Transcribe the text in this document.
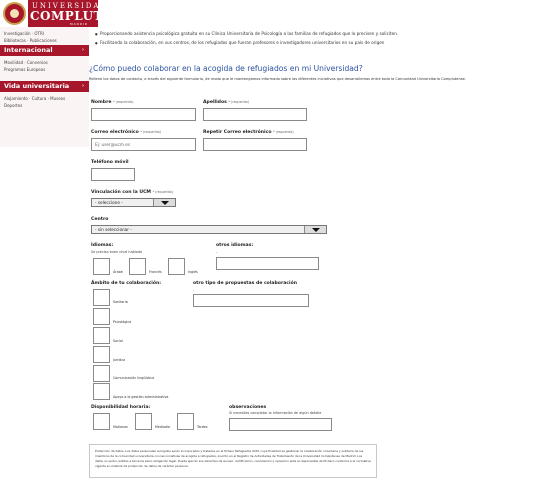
UNIVERSIDAD
COMPLUTENSE
MADRID
Investigación · OTRI
Bibliotecas · Publicaciones
Internacional	›
Movilidad · Convenios
Programas Europeos
Vida universitaria	›
Alojamiento · Cultura · Museos
Deportes
● Proporcionando asistencia psicológica gratuita en su Clínica Universitaria de Psicología a las familias de refugiados que lo precisen y soliciten.
● Facilitando la colaboración, en sus centros, de los refugiados que fueran profesores e investigadores universitarios en su país de origen
¿Cómo puedo colaborar en la acogida de refugiados en mi Universidad?
Rellene los datos de contacto, a través del siguiente formulario, de modo que le mantengamos informado sobre las diferentes iniciativas que desarrollemos entre toda la Comunidad Universitaria Complutense.
Nombre * (requerido)	Apellidos * (requerido)
Correo electrónico * (requerido)
Ej: user@ucm.es
Repetir Correo electrónico * (requerido)
Teléfono móvil
Vinculación con la UCM * (requerido)
- seleccione -
Centro
- sin seleccionar -
Idiomas:
Se precisa buen nivel hablado
Árabe	Francés	Inglés
otros idiomas:
-
Ámbito de tu colaboración:
Sanitaria
Psicológica
Social
Jurídica
Comunicación lingüística
Apoyo a la gestión administrativa
otro tipo de propuestas de colaboración
-
Disponibilidad horaria:
Mañanas	Mediodía	Tardes
observaciones
Si necesitas completar la información de algún detalle
Protección de datos: Los datos personales recogidos serán incorporados y tratados en el fichero Refugiados UCM, cuya finalidad es gestionar la colaboración voluntaria y solidaria de los miembros de la comunidad universitaria con las iniciativas de acogida a refugiados, inscrito en el Registro de Actividades de Tratamiento de la Universidad Complutense de Madrid. Los datos no serán cedidos a terceros salvo obligación legal. Puede ejercer sus derechos de acceso, rectificación, cancelación y oposición ante el responsable del fichero conforme a la normativa vigente en materia de protección de datos de carácter personal.
